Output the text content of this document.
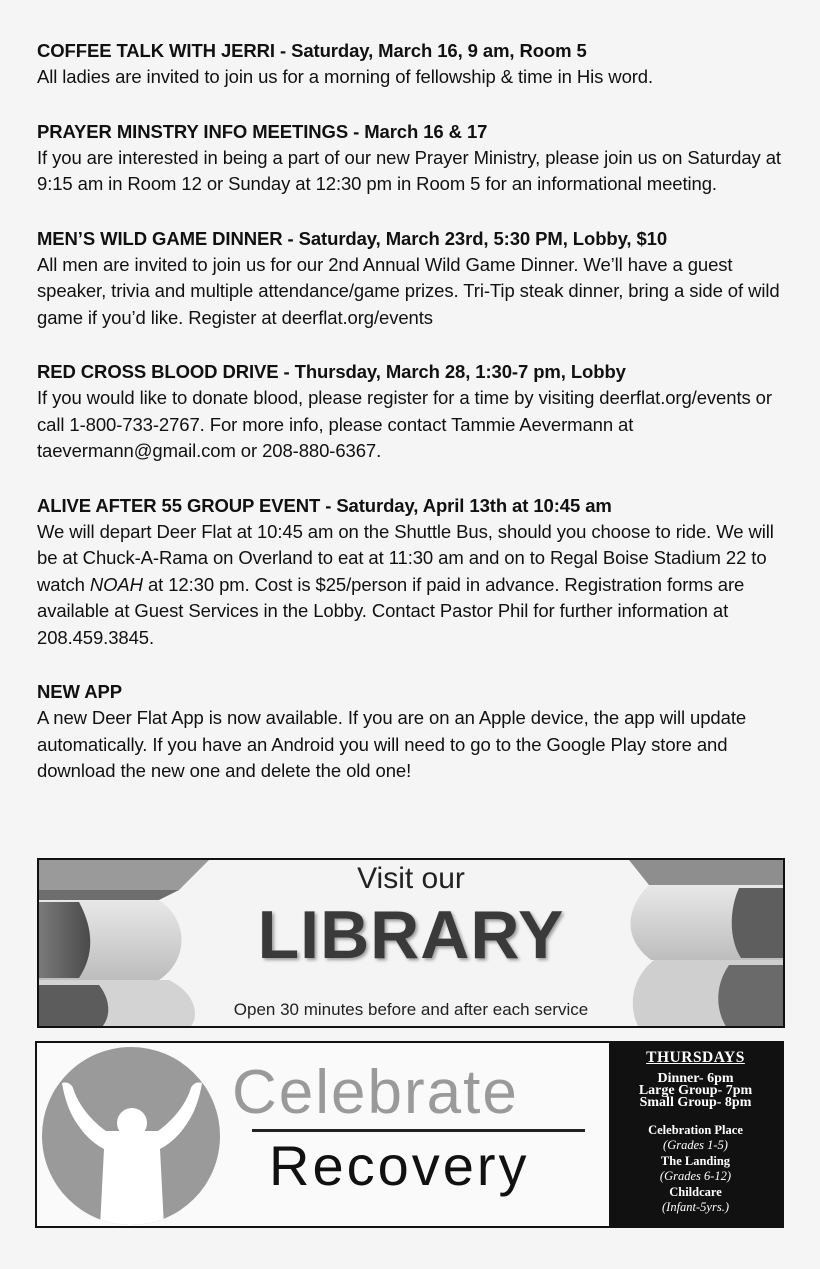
COFFEE TALK WITH JERRI - Saturday, March 16, 9 am, Room 5

All ladies are invited to join us for a morning of fellowship & time in His word.

PRAYER MINSTRY INFO MEETINGS - March 16 & 17

If you are interested in being a part of our new Prayer Ministry, please join us on Saturday at 9:15 am in Room 12 or Sunday at 12:30 pm in Room 5 for an informational meeting.

MEN’S WILD GAME DINNER - Saturday, March 23rd, 5:30 PM, Lobby, $10

All men are invited to join us for our 2nd Annual Wild Game Dinner. We’ll have a guest speaker, trivia and multiple attendance/game prizes. Tri-Tip steak dinner, bring a side of wild game if you’d like. Register at deerflat.org/events

RED CROSS BLOOD DRIVE - Thursday, March 28, 1:30-7 pm, Lobby

If you would like to donate blood, please register for a time by visiting deerflat.org/events or call 1-800-733-2767. For more info, please contact Tammie Aevermann at taevermann@gmail.com or 208-880-6367.

ALIVE AFTER 55 GROUP EVENT - Saturday, April 13th at 10:45 am

We will depart Deer Flat at 10:45 am on the Shuttle Bus, should you choose to ride. We will be at Chuck-A-Rama on Overland to eat at 11:30 am and on to Regal Boise Stadium 22 to watch NOAH at 12:30 pm. Cost is $25/person if paid in advance. Registration forms are available at Guest Services in the Lobby. Contact Pastor Phil for further information at 208.459.3845.

NEW APP

A new Deer Flat App is now available. If you are on an Apple device, the app will update automatically. If you have an Android you will need to go to the Google Play store and download the new one and delete the old one!

Visit our
LIBRARY
Open 30 minutes before and after each service
Celebrate
Recovery
THURSDAYS
Dinner- 6pm
Large Group- 7pm
Small Group- 8pm
Celebration Place
(Grades 1-5)
The Landing
(Grades 6-12)
Childcare
(Infant-5yrs.)
